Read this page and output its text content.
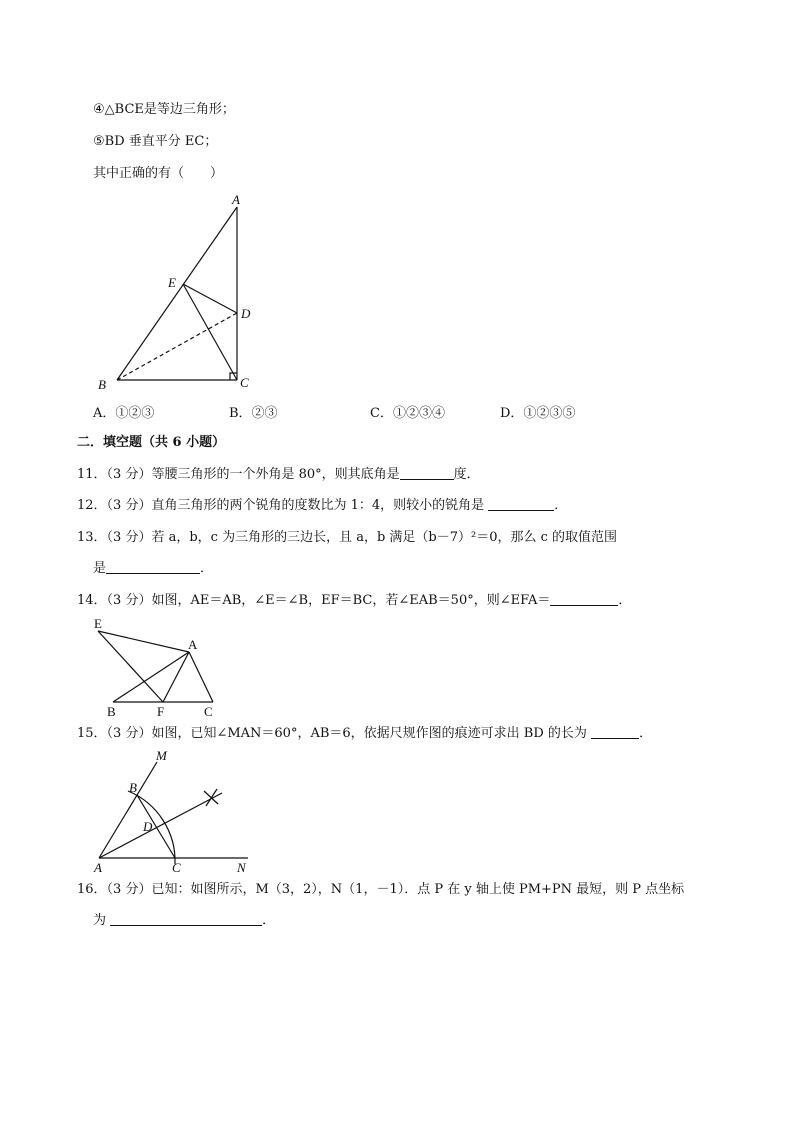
④△BCE是等边三角形；
⑤BD 垂直平分 EC；
其中正确的有（　　）
A
E
D
B	C
A．①②③	B．②③	C．①②③④	D．①②③⑤
二．填空题（共 6 小题）
11．（3 分）等腰三角形的一个外角是 80°，则其底角是	度．
12．（3 分）直角三角形的两个锐角的度数比为 1：4，则较小的锐角是	．
13．（3 分）若 a，b，c 为三角形的三边长，且 a，b 满足（b－7）²＝0，那么 c 的取值范围
是	．
14．（3 分）如图，AE＝AB，∠E＝∠B，EF＝BC，若∠EAB＝50°，则∠EFA＝	．
E
A
B	F	C
15．（3 分）如图，已知∠MAN＝60°，AB＝6，依据尺规作图的痕迹可求出 BD 的长为	．
M
B
D
A	C	N
16．（3 分）已知：如图所示，M（3，2），N（1，－1）．点 P 在 y 轴上使 PM+PN 最短，则 P 点坐标
为	．
